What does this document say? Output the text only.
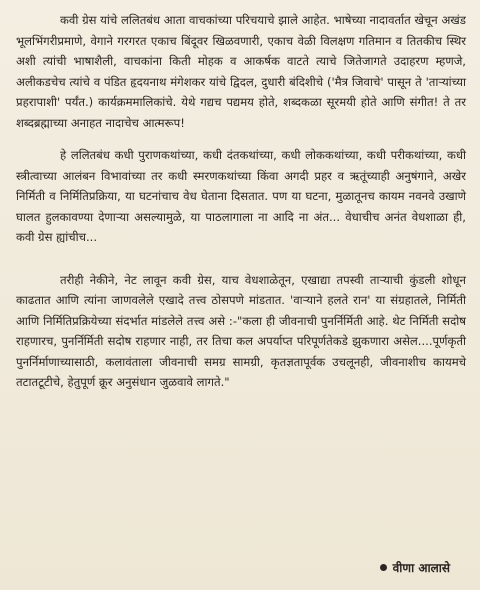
कवी ग्रेस यांचे ललितबंध आता वाचकांच्या परिचयाचे झाले आहेत. भाषेच्या नादावर्तात खेचून अखंड भूलभिंगरीप्रमाणे, वेगाने गरगरत एकाच बिंदूवर खिळवणारी, एकाच वेळी विलक्षण गतिमान व तितकीच स्थिर अशी त्यांची भाषाशैली, वाचकांना किती मोहक व आकर्षक वाटते त्याचे जितेजागते उदाहरण म्हणजे, अलीकडचेच त्यांचे व पंडित हृदयनाथ मंगेशकर यांचे द्विदल, दुधारी बंदिशीचे ('मैत्र जिवाचे' पासून ते 'ताऱ्यांच्या प्रहरापाशी' पर्यंत.) कार्यक्रममालिकांचे. येथे गद्यच पद्यमय होते, शब्दकळा सूरमयी होते आणि संगीत! ते तर शब्दब्रह्माच्या अनाहत नादाचेच आत्मरूप!

हे ललितबंध कधी पुराणकथांच्या, कधी दंतकथांच्या, कधी लोककथांच्या, कधी परीकथांच्या, कधी स्त्रीत्वाच्या आलंबन विभावांच्या तर कधी स्मरणकथांच्या किंवा अगदी प्रहर व ऋतूंच्याही अनुषंगाने, अखेर निर्मिती व निर्मितिप्रक्रिया, या घटनांचाच वेध घेताना दिसतात. पण या घटना, मुळातूनच कायम नवनवे उखाणे घालत हुलकावण्या देणाऱ्या असल्यामुळे, या पाठलागाला ना आदि ना अंत... वेधाचीच अनंत वेधशाळा ही, कवी ग्रेस ह्यांचीच...

तरीही नेकीने, नेट लावून कवी ग्रेस, याच वेधशाळेतून, एखाद्या तपस्वी ताऱ्याची कुंडली शोधून काढतात आणि त्यांना जाणवलेले एखादे तत्त्व ठोसपणे मांडतात. 'वाऱ्याने हलते रान' या संग्रहातले, निर्मिती आणि निर्मितिप्रक्रियेच्या संदर्भात मांडलेले तत्त्व असे :-"कला ही जीवनाची पुनर्निर्मिती आहे. थेट निर्मिती सदोष राहणारच, पुनर्निर्मिती सदोष राहणार नाही, तर तिचा कल अपर्याप्त परिपूर्णतेकडे झुकणारा असेल....पूर्णकृती पुनर्निर्माणाच्यासाठी, कलावंताला जीवनाची समग्र सामग्री, कृतज्ञतापूर्वक उचलूनही, जीवनाशीच कायमचे तटातटूटीचे, हेतुपूर्ण क्रूर अनुसंधान जुळवावे लागते."

वीणा आलासे
